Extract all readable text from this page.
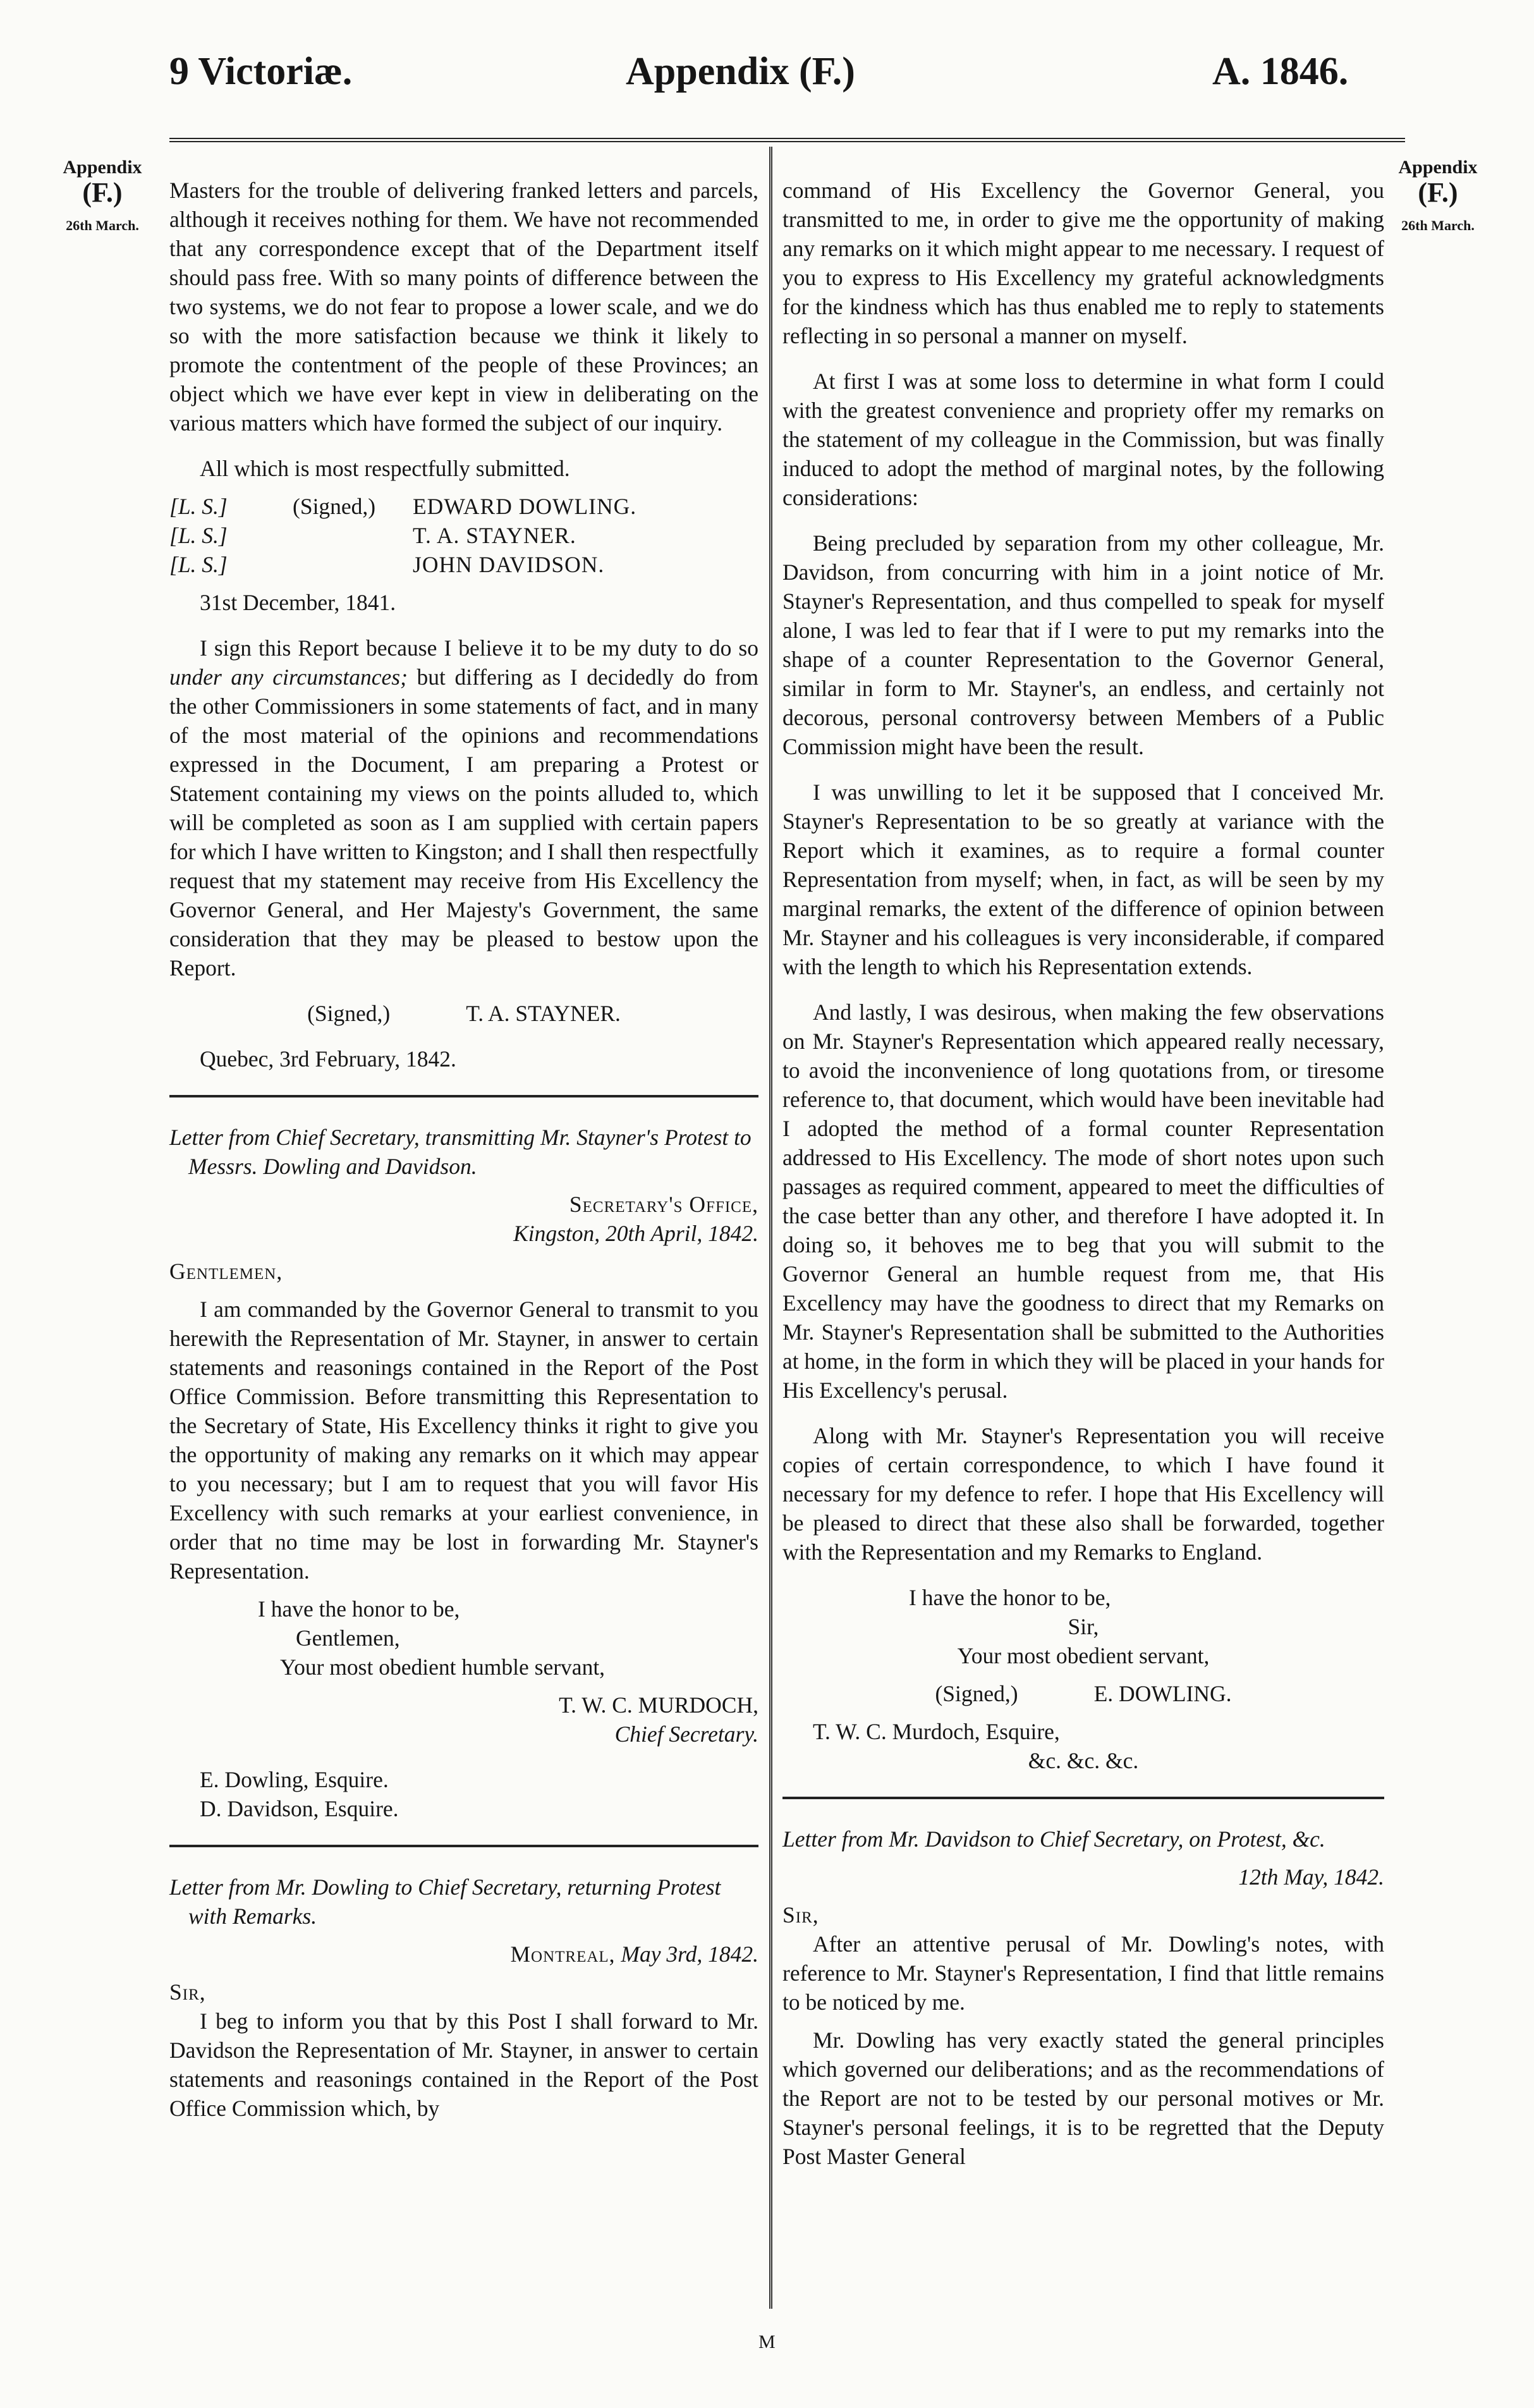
9 Victoriæ.	Appendix (F.)	A. 1846.
Appendix
(F.)
26th March.
Appendix
(F.)
26th March.

Masters for the trouble of delivering franked letters and parcels, although it receives nothing for them. We have not recommended that any correspondence except that of the Department itself should pass free. With so many points of difference between the two systems, we do not fear to propose a lower scale, and we do so with the more satisfaction because we think it likely to promote the contentment of the people of these Provinces; an object which we have ever kept in view in deliberating on the various matters which have formed the subject of our inquiry.

All which is most respectfully submitted.

[L. S.]	(Signed,)	EDWARD DOWLING.
[L. S.]	T. A. STAYNER.
[L. S.]	JOHN DAVIDSON.

31st December, 1841.

I sign this Report because I believe it to be my duty to do so under any circumstances; but differing as I decidedly do from the other Commissioners in some statements of fact, and in many of the most material of the opinions and recommendations expressed in the Document, I am preparing a Protest or Statement containing my views on the points alluded to, which will be completed as soon as I am supplied with certain papers for which I have written to Kingston; and I shall then respectfully request that my statement may receive from His Excellency the Governor General, and Her Majesty's Government, the same consideration that they may be pleased to bestow upon the Report.

(Signed,)	T. A. STAYNER.

Quebec, 3rd February, 1842.

Letter from Chief Secretary, transmitting Mr. Stayner's Protest to Messrs. Dowling and Davidson.

Secretary's Office,

Kingston, 20th April, 1842.

Gentlemen,

I am commanded by the Governor General to transmit to you herewith the Representation of Mr. Stayner, in answer to certain statements and reasonings contained in the Report of the Post Office Commission. Before transmitting this Representation to the Secretary of State, His Excellency thinks it right to give you the opportunity of making any remarks on it which may appear to you necessary; but I am to request that you will favor His Excellency with such remarks at your earliest convenience, in order that no time may be lost in forwarding Mr. Stayner's Representation.

I have the honor to be,

Gentlemen,

Your most obedient humble servant,

T. W. C. MURDOCH,

Chief Secretary.

E. Dowling, Esquire.

D. Davidson, Esquire.

Letter from Mr. Dowling to Chief Secretary, returning Protest with Remarks.

Montreal, May 3rd, 1842.

Sir,

I beg to inform you that by this Post I shall forward to Mr. Davidson the Representation of Mr. Stayner, in answer to certain statements and reasonings contained in the Report of the Post Office Commission which, by

command of His Excellency the Governor General, you transmitted to me, in order to give me the opportunity of making any remarks on it which might appear to me necessary. I request of you to express to His Excellency my grateful acknowledgments for the kindness which has thus enabled me to reply to statements reflecting in so personal a manner on myself.

At first I was at some loss to determine in what form I could with the greatest convenience and propriety offer my remarks on the statement of my colleague in the Commission, but was finally induced to adopt the method of marginal notes, by the following considerations:

Being precluded by separation from my other colleague, Mr. Davidson, from concurring with him in a joint notice of Mr. Stayner's Representation, and thus compelled to speak for myself alone, I was led to fear that if I were to put my remarks into the shape of a counter Representation to the Governor General, similar in form to Mr. Stayner's, an endless, and certainly not decorous, personal controversy between Members of a Public Commission might have been the result.

I was unwilling to let it be supposed that I conceived Mr. Stayner's Representation to be so greatly at variance with the Report which it examines, as to require a formal counter Representation from myself; when, in fact, as will be seen by my marginal remarks, the extent of the difference of opinion between Mr. Stayner and his colleagues is very inconsiderable, if compared with the length to which his Representation extends.

And lastly, I was desirous, when making the few observations on Mr. Stayner's Representation which appeared really necessary, to avoid the inconvenience of long quotations from, or tiresome reference to, that document, which would have been inevitable had I adopted the method of a formal counter Representation addressed to His Excellency. The mode of short notes upon such passages as required comment, appeared to meet the difficulties of the case better than any other, and therefore I have adopted it. In doing so, it behoves me to beg that you will submit to the Governor General an humble request from me, that His Excellency may have the goodness to direct that my Remarks on Mr. Stayner's Representation shall be submitted to the Authorities at home, in the form in which they will be placed in your hands for His Excellency's perusal.

Along with Mr. Stayner's Representation you will receive copies of certain correspondence, to which I have found it necessary for my defence to refer. I hope that His Excellency will be pleased to direct that these also shall be forwarded, together with the Representation and my Remarks to England.

I have the honor to be,

Sir,

Your most obedient servant,

(Signed,)	E. DOWLING.

T. W. C. Murdoch, Esquire,

&c. &c. &c.

Letter from Mr. Davidson to Chief Secretary, on Protest, &c.

12th May, 1842.

Sir,

After an attentive perusal of Mr. Dowling's notes, with reference to Mr. Stayner's Representation, I find that little remains to be noticed by me.

Mr. Dowling has very exactly stated the general principles which governed our deliberations; and as the recommendations of the Report are not to be tested by our personal motives or Mr. Stayner's personal feelings, it is to be regretted that the Deputy Post Master General

M
